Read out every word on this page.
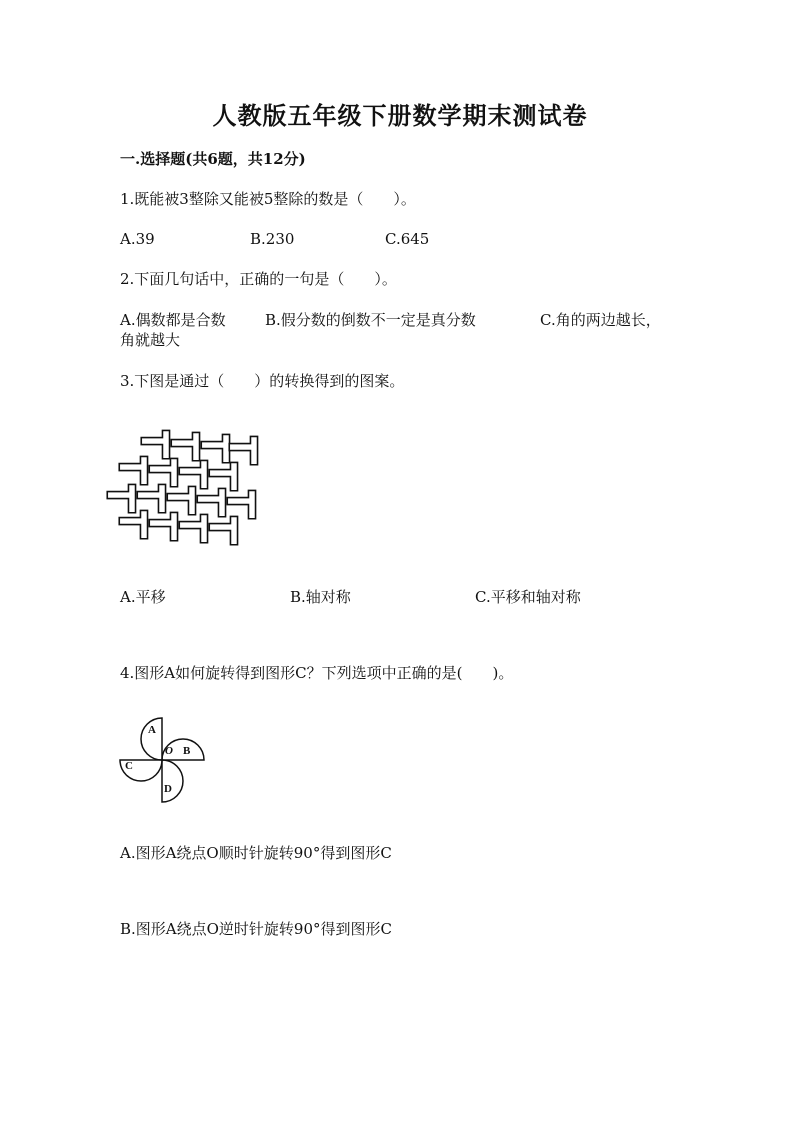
人教版五年级下册数学期末测试卷
一.选择题(共6题，共12分)
1.既能被3整除又能被5整除的数是（　　）。
A.39	B.230	C.645
2.下面几句话中，正确的一句是（　　）。
A.偶数都是合数	B.假分数的倒数不一定是真分数	C.角的两边越长，
角就越大
3.下图是通过（　　）的转换得到的图案。
A.平移	B.轴对称	C.平移和轴对称
4.图形A如何旋转得到图形C？下列选项中正确的是(　　)。
A
O B
C
D
A.图形A绕点O顺时针旋转90°得到图形C
B.图形A绕点O逆时针旋转90°得到图形C
